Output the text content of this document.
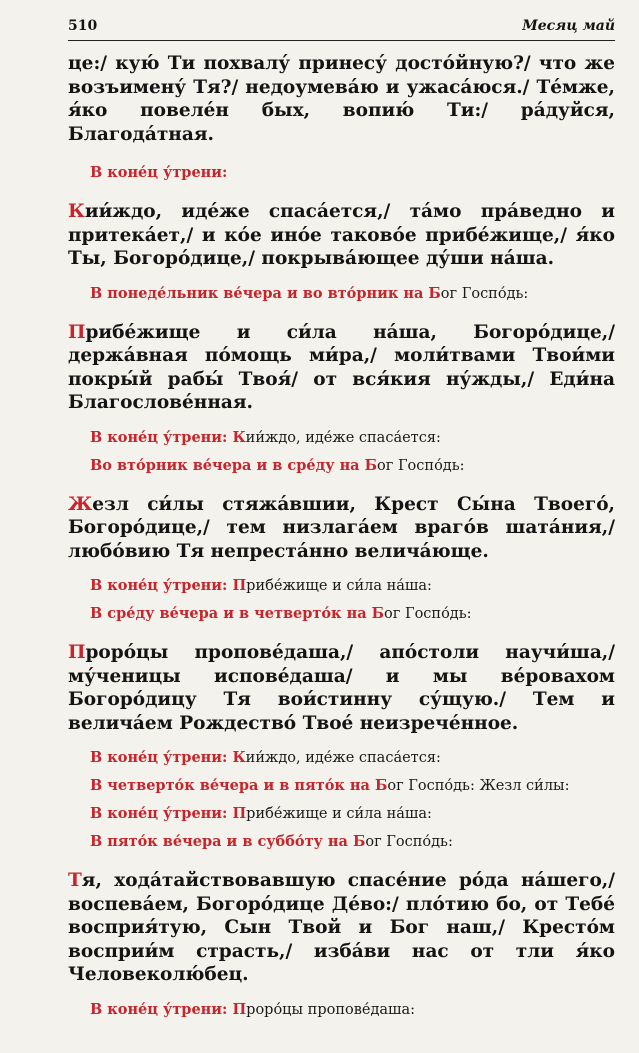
510	Месяц май

це:/ кую́ Ти похвалу́ принесу́ досто́йную?/ что же возъимену́ Тя?/ недоумева́ю и ужаса́юся./ Те́мже, я́ко повеле́н бых, вопию́ Ти:/ ра́дуйся, Благода́тная.

В коне́ц у́трени:

Кии́ждо, иде́же спаса́ется,/ та́мо пра́ведно и притека́ет,/ и ко́е ино́е таково́е прибе́жище,/ я́ко Ты, Богоро́дице,/ покрыва́ющее ду́ши на́ша.

В понеде́льник ве́чера и во вто́рник на Бог Госпо́дь:

Прибе́жище и си́ла на́ша, Богоро́дице,/ держа́вная по́мощь ми́ра,/ моли́твами Твои́ми покры́й рабы́ Твоя́/ от вся́кия ну́жды,/ Еди́на Благослове́нная.

В коне́ц у́трени: Кии́ждо, иде́же спаса́ется:

Во вто́рник ве́чера и в сре́ду на Бог Госпо́дь:

Жезл си́лы стяжа́вшии, Крест Сы́на Твоего́, Богоро́дице,/ тем низлага́ем враго́в шата́ния,/ любо́вию Тя непреста́нно велича́юще.

В коне́ц у́трени: Прибе́жище и си́ла на́ша:

В сре́ду ве́чера и в четверто́к на Бог Госпо́дь:

Проро́цы пропове́даша,/ апо́столи научи́ша,/ му́ченицы испове́даша/ и мы ве́ровахом Богоро́дицу Тя вои́стинну су́щую./ Тем и велича́ем Рождество́ Твое́ неизрече́нное.

В коне́ц у́трени: Кии́ждо, иде́же спаса́ется:

В четверто́к ве́чера и в пято́к на Бог Госпо́дь: Жезл си́лы:

В коне́ц у́трени: Прибе́жище и си́ла на́ша:

В пято́к ве́чера и в суббо́ту на Бог Госпо́дь:

Тя, хода́тайствовавшую спасе́ние ро́да на́шего,/ воспева́ем, Богоро́дице Де́во:/ пло́тию бо, от Тебе́ восприя́тую, Сын Твой и Бог наш,/ Кресто́м восприи́м страсть,/ изба́ви нас от тли я́ко Человеколю́бец.

В коне́ц у́трени: Проро́цы пропове́даша:
